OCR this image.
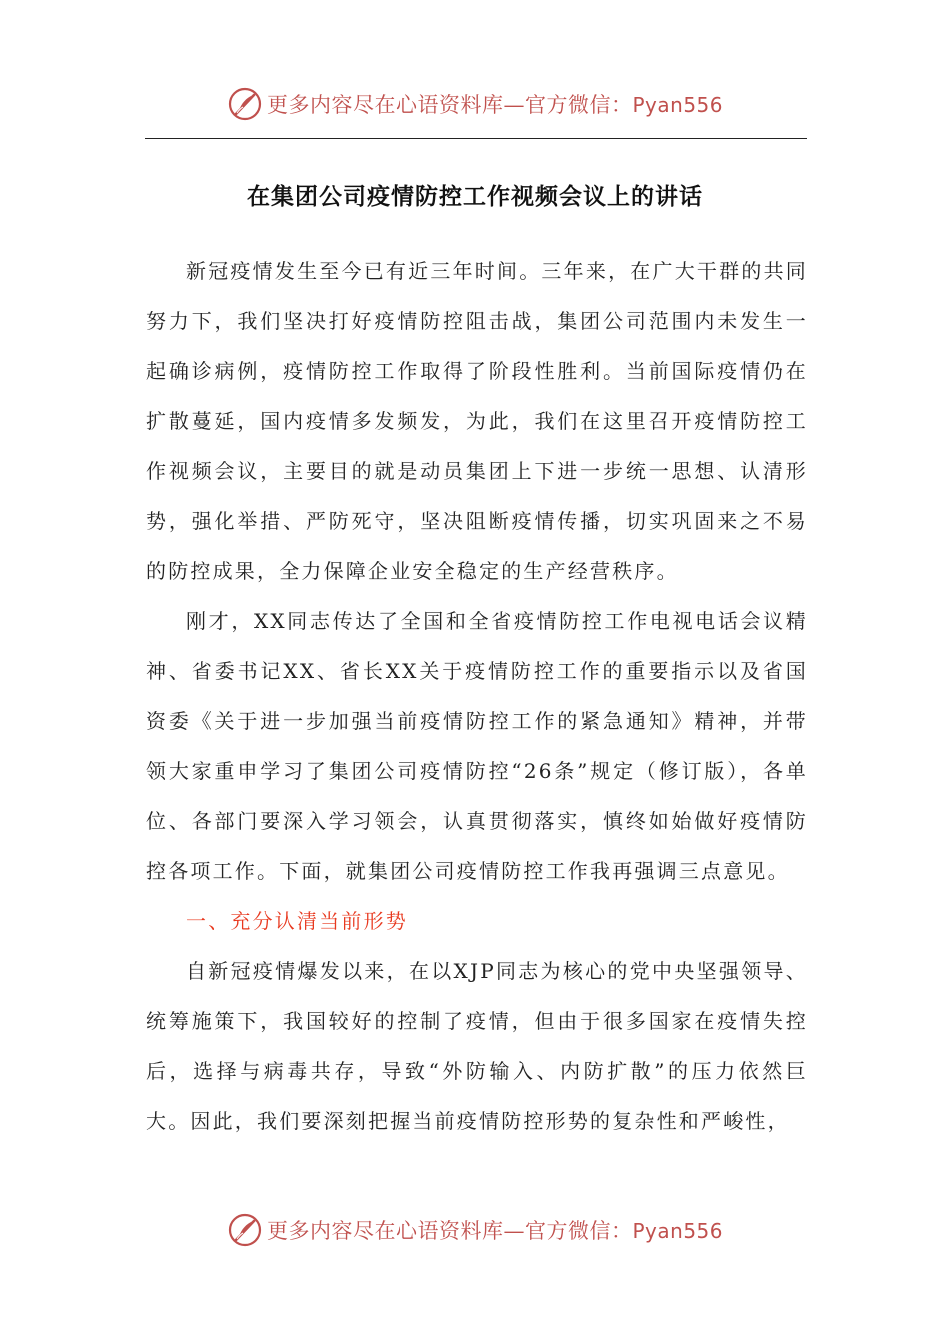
更多内容尽在心语资料库—官方微信：Pyan556
在集团公司疫情防控工作视频会议上的讲话

新冠疫情发生至今已有近三年时间。三年来，在广大干群的共同努力下，我们坚决打好疫情防控阻击战，集团公司范围内未发生一起确诊病例，疫情防控工作取得了阶段性胜利。当前国际疫情仍在扩散蔓延，国内疫情多发频发，为此，我们在这里召开疫情防控工作视频会议，主要目的就是动员集团上下进一步统一思想、认清形势，强化举措、严防死守，坚决阻断疫情传播，切实巩固来之不易的防控成果，全力保障企业安全稳定的生产经营秩序。

刚才，XX同志传达了全国和全省疫情防控工作电视电话会议精神、省委书记XX、省长XX关于疫情防控工作的重要指示以及省国资委《关于进一步加强当前疫情防控工作的紧急通知》精神，并带领大家重申学习了集团公司疫情防控“26条”规定（修订版），各单位、各部门要深入学习领会，认真贯彻落实，慎终如始做好疫情防控各项工作。下面，就集团公司疫情防控工作我再强调三点意见。

一、充分认清当前形势

自新冠疫情爆发以来，在以XJP同志为核心的党中央坚强领导、统筹施策下，我国较好的控制了疫情，但由于很多国家在疫情失控后，选择与病毒共存，导致“外防输入、内防扩散”的压力依然巨大。因此，我们要深刻把握当前疫情防控形势的复杂性和严峻性，

更多内容尽在心语资料库—官方微信：Pyan556
